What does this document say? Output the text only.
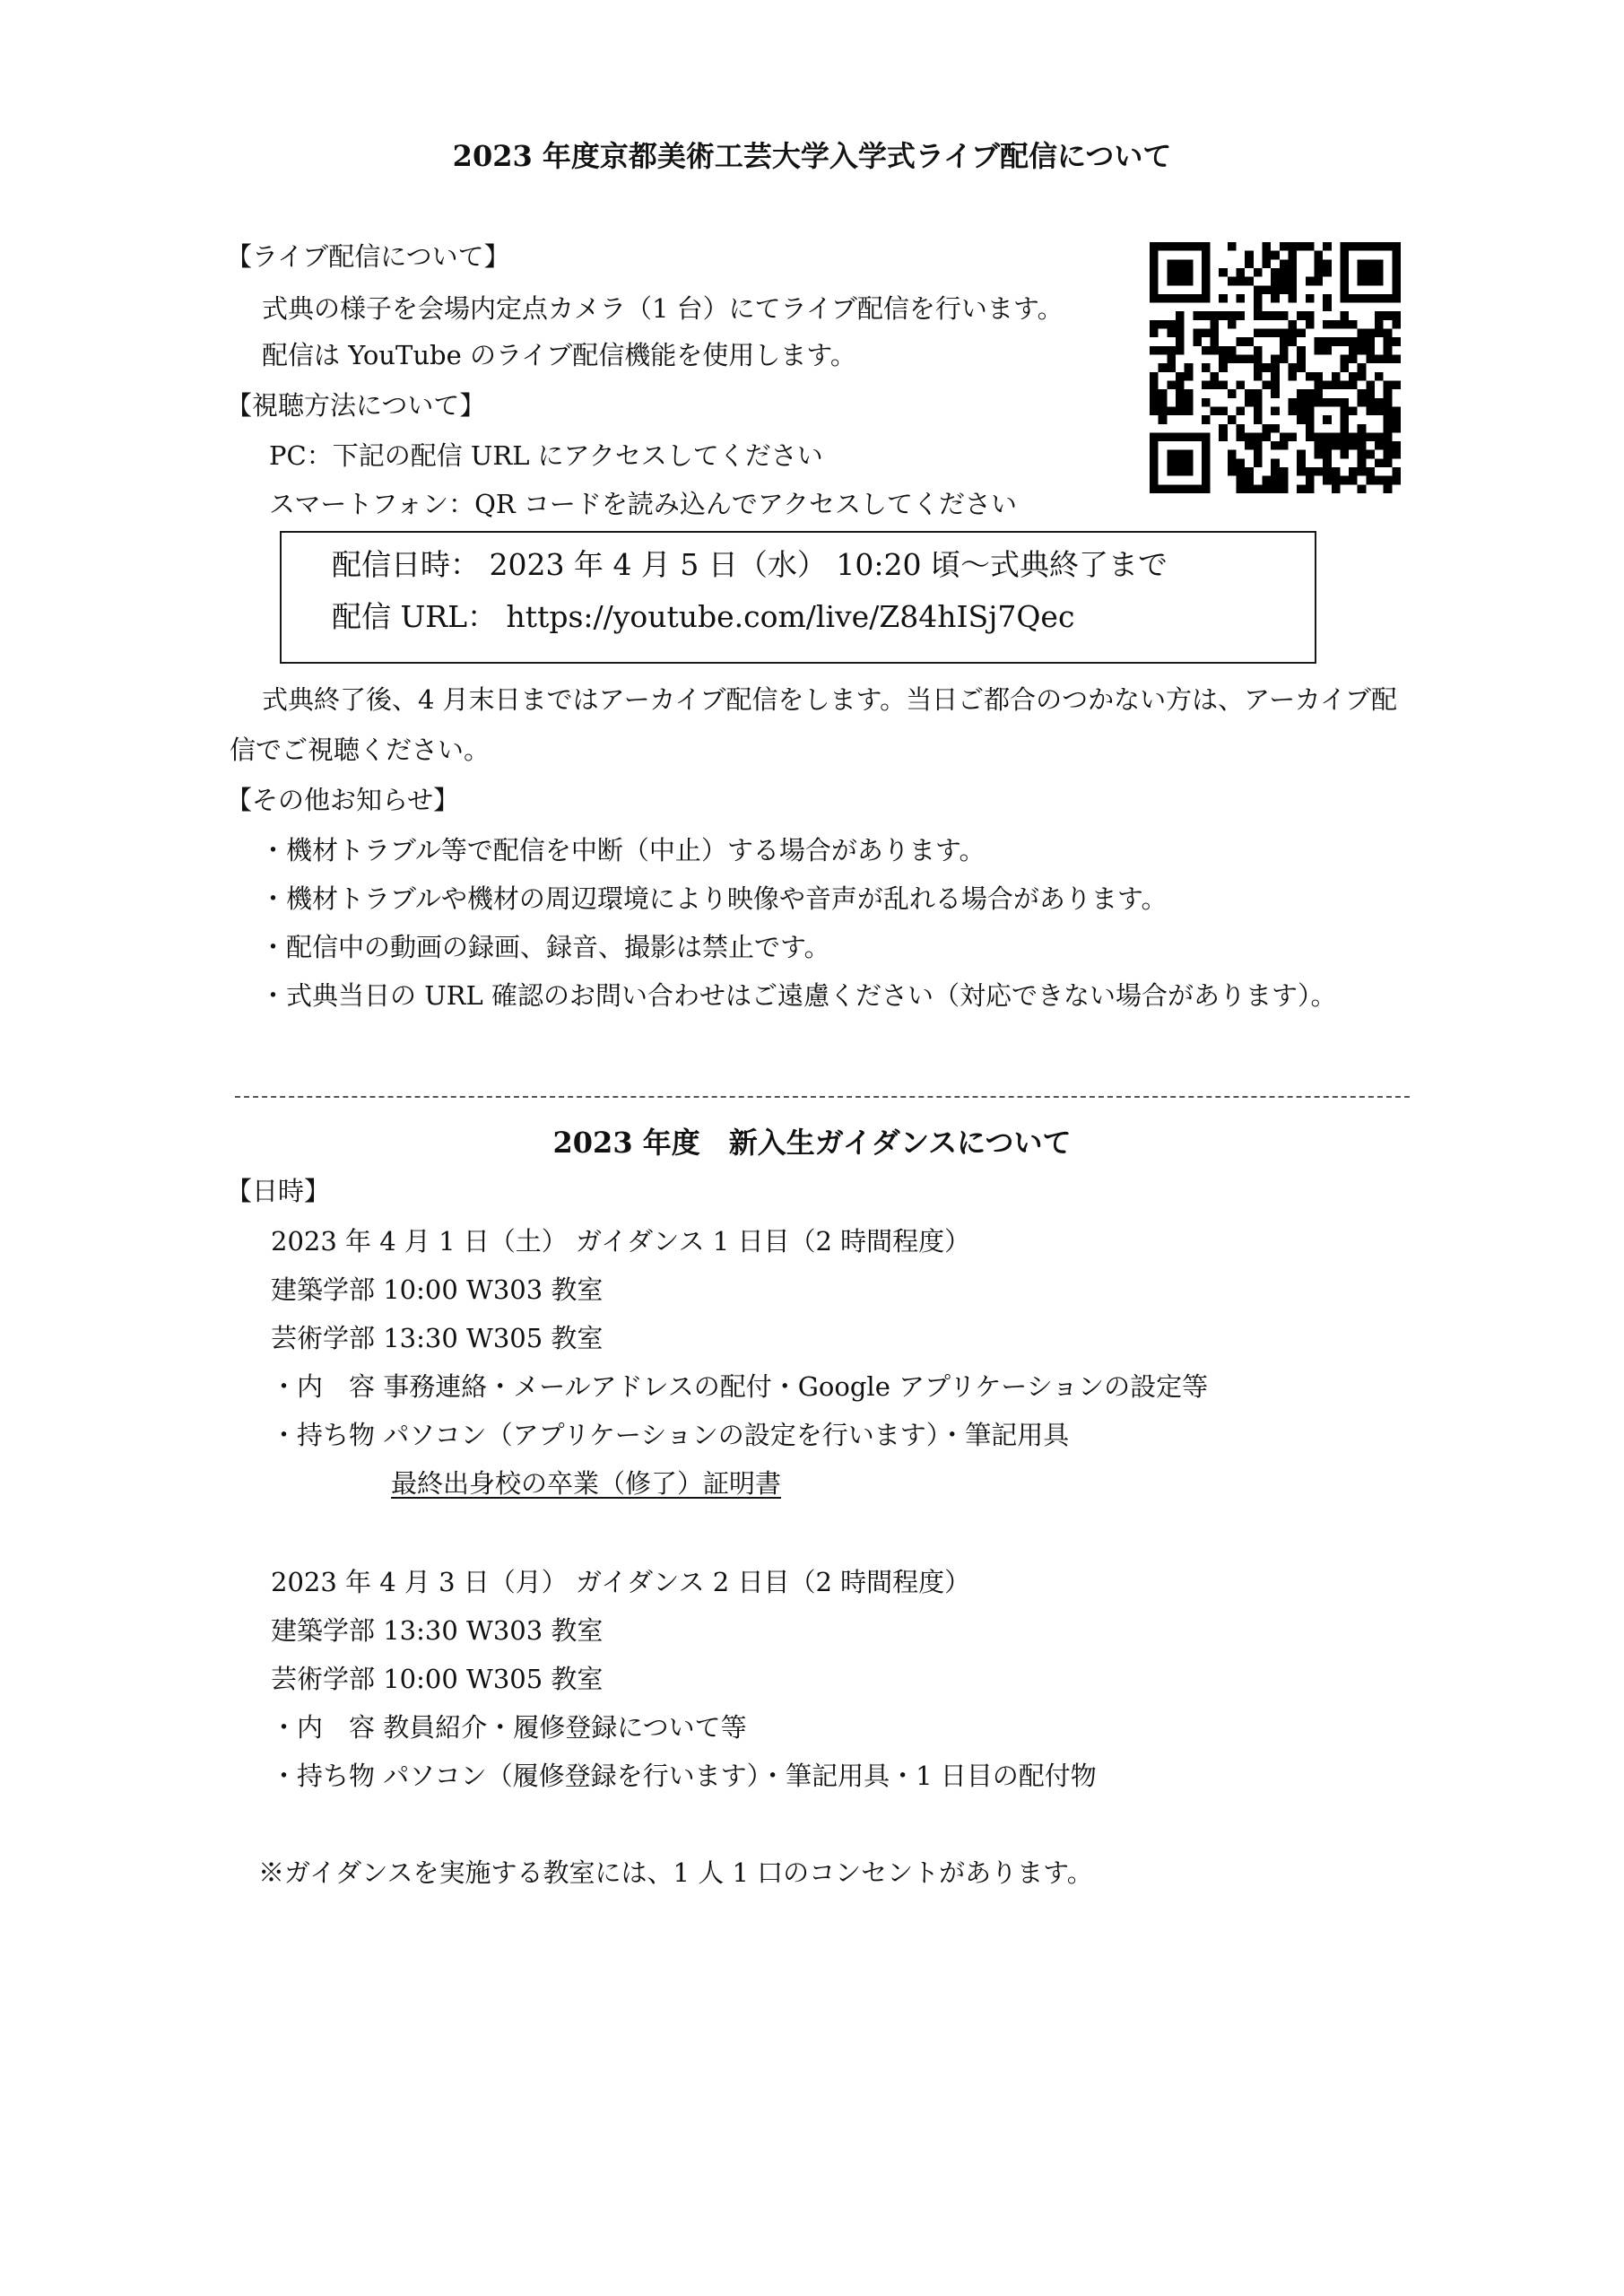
2023 年度京都美術工芸大学入学式ライブ配信について
【ライブ配信について】
式典の様子を会場内定点カメラ（1 台）にてライブ配信を行います。
配信は YouTube のライブ配信機能を使用します。
【視聴方法について】
PC：下記の配信 URL にアクセスしてください
スマートフォン：QR コードを読み込んでアクセスしてください
配信日時： 2023 年 4 月 5 日（水） 10:20 頃～式典終了まで
配信 URL： https://youtube.com/live/Z84hISj7Qec
式典終了後、4 月末日まではアーカイブ配信をします。当日ご都合のつかない方は、アーカイブ配
信でご視聴ください。
【その他お知らせ】
・機材トラブル等で配信を中断（中止）する場合があります。
・機材トラブルや機材の周辺環境により映像や音声が乱れる場合があります。
・配信中の動画の録画、録音、撮影は禁止です。
・式典当日の URL 確認のお問い合わせはご遠慮ください（対応できない場合があります）。
2023 年度　新入生ガイダンスについて
【日時】
2023 年 4 月 1 日（土） ガイダンス 1 日目（2 時間程度）
建築学部 10:00 W303 教室
芸術学部 13:30 W305 教室
・内　容 事務連絡・メールアドレスの配付・Google アプリケーションの設定等
・持ち物 パソコン（アプリケーションの設定を行います）・筆記用具
最終出身校の卒業（修了）証明書
2023 年 4 月 3 日（月） ガイダンス 2 日目（2 時間程度）
建築学部 13:30 W303 教室
芸術学部 10:00 W305 教室
・内　容 教員紹介・履修登録について等
・持ち物 パソコン（履修登録を行います）・筆記用具・1 日目の配付物
※ガイダンスを実施する教室には、1 人 1 口のコンセントがあります。
